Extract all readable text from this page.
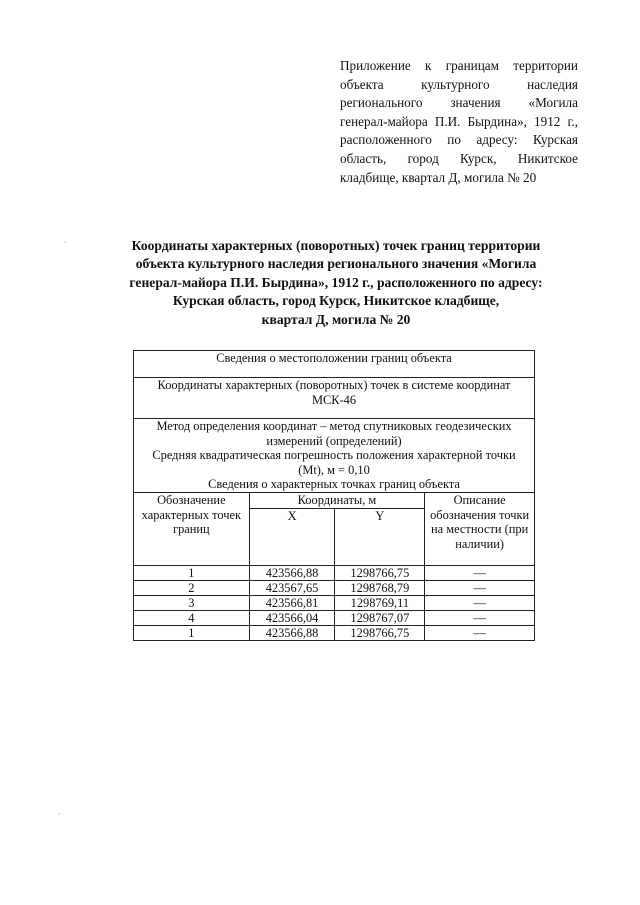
Приложение к границам территории объекта культурного наследия регионального значения «Могила генерал-майора П.И. Бырдина», 1912 г., расположенного по адресу: Курская область, город Курск, Никитское кладбище, квартал Д, могила № 20
Координаты характерных (поворотных) точек границ территории
объекта культурного наследия регионального значения «Могила
генерал-майора П.И. Бырдина», 1912 г., расположенного по адресу:
Курская область, город Курск, Никитское кладбище,
квартал Д, могила № 20
·
·
Сведения о местоположении границ объекта			

Координаты характерных (поворотных) точек в системе координат
МСК-46			

Метод определения координат – метод спутниковых геодезических
измерений (определений)
Средняя квадратическая погрешность положения характерной точки
(Mt), м = 0,10
Сведения о характерных точках границ объекта			

Обозначение характерных точек границ	Координаты, м		Описание обозначения точки на местности (при наличии)
	X	Y	
1	423566,88	1298766,75	—
2	423567,65	1298768,79	—
3	423566,81	1298769,11	—
4	423566,04	1298767,07	—
1	423566,88	1298766,75	—
